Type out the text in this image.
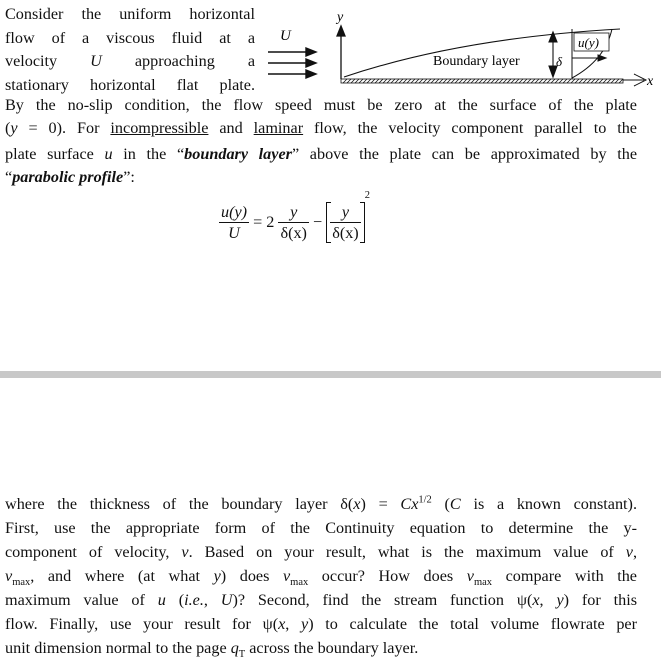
Consider the uniform horizontal
flow of a viscous fluid at a
velocity U approaching a
stationary horizontal flat plate.
U
y
x
Boundary layer	δ
u(y)
By the no-slip condition, the flow speed must be zero at the surface of the plate
(y = 0). For incompressible and laminar flow, the velocity component parallel to the
plate surface u in the “boundary layer” above the plate can be approximated by the
“parabolic profile”:
$\frac{u(y)}{U} = 2 \frac{y}{\delta(x)} - \frac{y}{\delta(x)}$
$^2$
where the thickness of the boundary layer $\delta(x) = Cx^{1/2}$ (C is a known constant).
First, use the appropriate form of the Continuity equation to determine the y-
component of velocity, v. Based on your result, what is the maximum value of v,
$v_{max}$, and where (at what y) does $v_{max}$ occur? How does $v_{max}$ compare with the
maximum value of u (i.e., U)? Second, find the stream function ψ(x, y) for this
flow. Finally, use your result for ψ(x, y) to calculate the total volume flowrate per
unit dimension normal to the page $q_T$ across the boundary layer.
